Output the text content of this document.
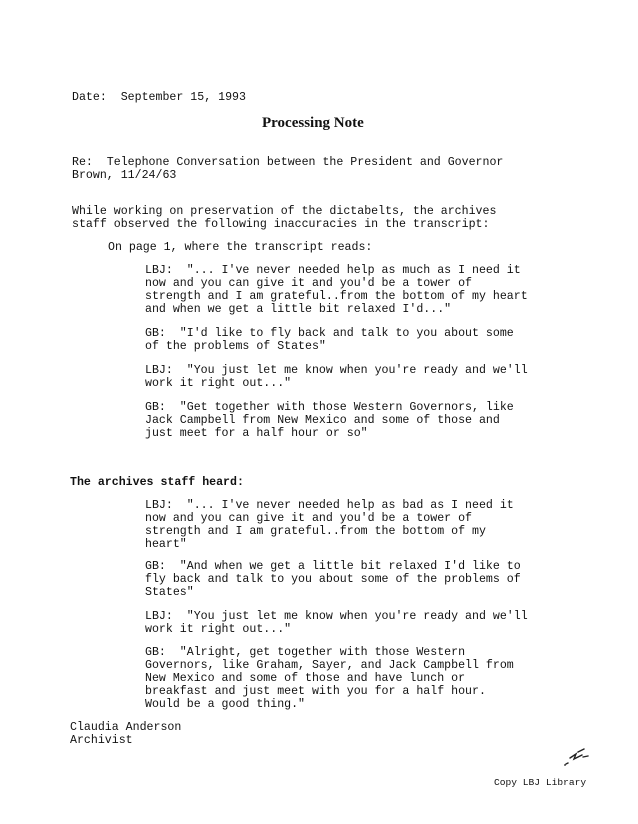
Date: September 15, 1993
Processing Note
Re: Telephone Conversation between the President and Governor
Brown, 11/24/63
While working on preservation of the dictabelts, the archives
staff observed the following inaccuracies in the transcript:
On page 1, where the transcript reads:
LBJ:  "... I've never needed help as much as I need it
now and you can give it and you'd be a tower of
strength and I am grateful..from the bottom of my heart
and when we get a little bit relaxed I'd..."
GB:  "I'd like to fly back and talk to you about some
of the problems of States"
LBJ:  "You just let me know when you're ready and we'll
work it right out..."
GB:  "Get together with those Western Governors, like
Jack Campbell from New Mexico and some of those and
just meet for a half hour or so"
The archives staff heard:
LBJ:  "... I've never needed help as bad as I need it
now and you can give it and you'd be a tower of
strength and I am grateful..from the bottom of my
heart"
GB:  "And when we get a little bit relaxed I'd like to
fly back and talk to you about some of the problems of
States"
LBJ:  "You just let me know when you're ready and we'll
work it right out..."
GB:  "Alright, get together with those Western
Governors, like Graham, Sayer, and Jack Campbell from
New Mexico and some of those and have lunch or
breakfast and just meet with you for a half hour.
Would be a good thing."
Claudia Anderson
Archivist
Copy LBJ Library
